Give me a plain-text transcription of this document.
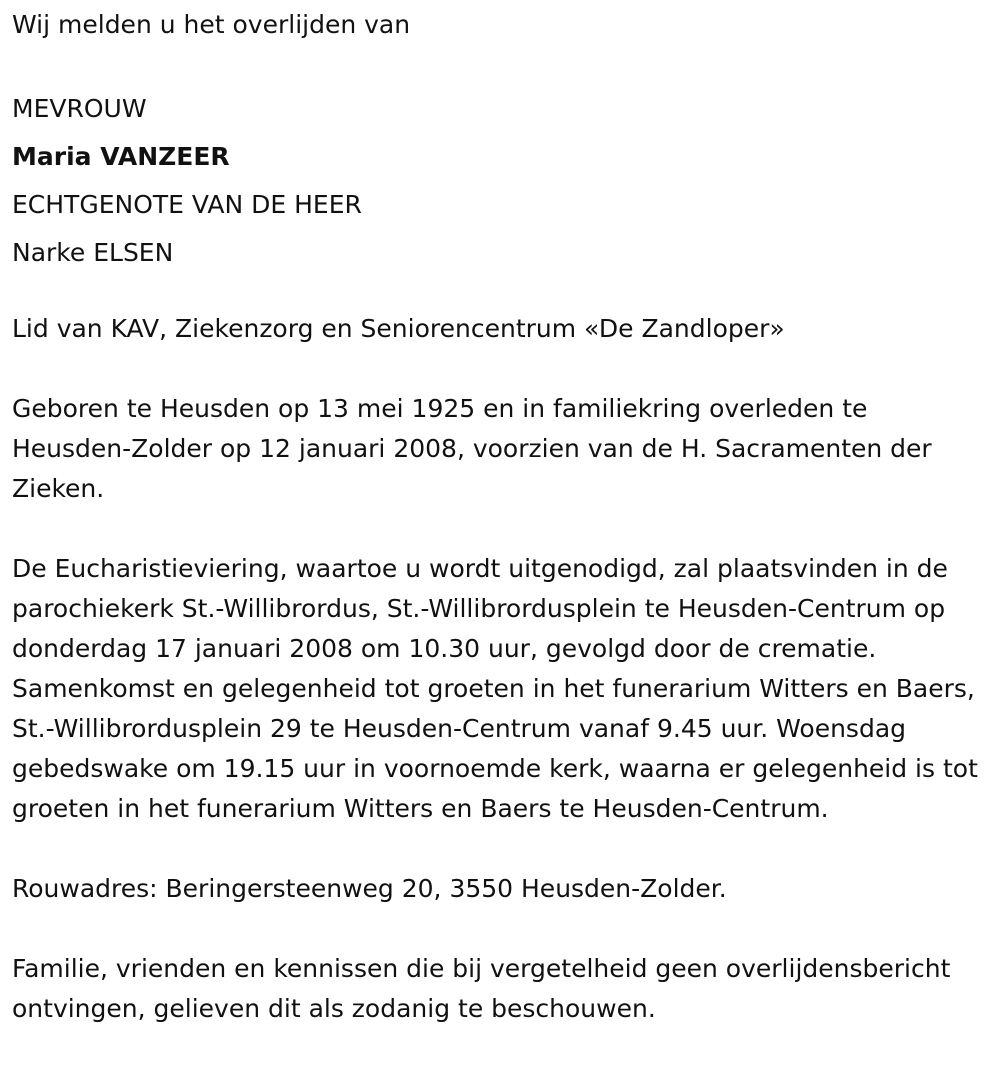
Wij melden u het overlijden van

MEVROUW

Maria VANZEER

ECHTGENOTE VAN DE HEER

Narke ELSEN

Lid van KAV, Ziekenzorg en Seniorencentrum «De Zandloper»

Geboren te Heusden op 13 mei 1925 en in familiekring overleden te Heusden-Zolder op 12 januari 2008, voorzien van de H. Sacramenten der Zieken.

De Eucharistieviering, waartoe u wordt uitgenodigd, zal plaatsvinden in de parochiekerk St.-Willibrordus, St.-Willibrordusplein te Heusden-Centrum op donderdag 17 januari 2008 om 10.30 uur, gevolgd door de crematie. Samenkomst en gelegenheid tot groeten in het funerarium Witters en Baers, St.-Willibrordusplein 29 te Heusden-Centrum vanaf 9.45 uur. Woensdag gebedswake om 19.15 uur in voornoemde kerk, waarna er gelegenheid is tot groeten in het funerarium Witters en Baers te Heusden-Centrum.

Rouwadres: Beringersteenweg 20, 3550 Heusden-Zolder.

Familie, vrienden en kennissen die bij vergetelheid geen overlijdensbericht ontvingen, gelieven dit als zodanig te beschouwen.
